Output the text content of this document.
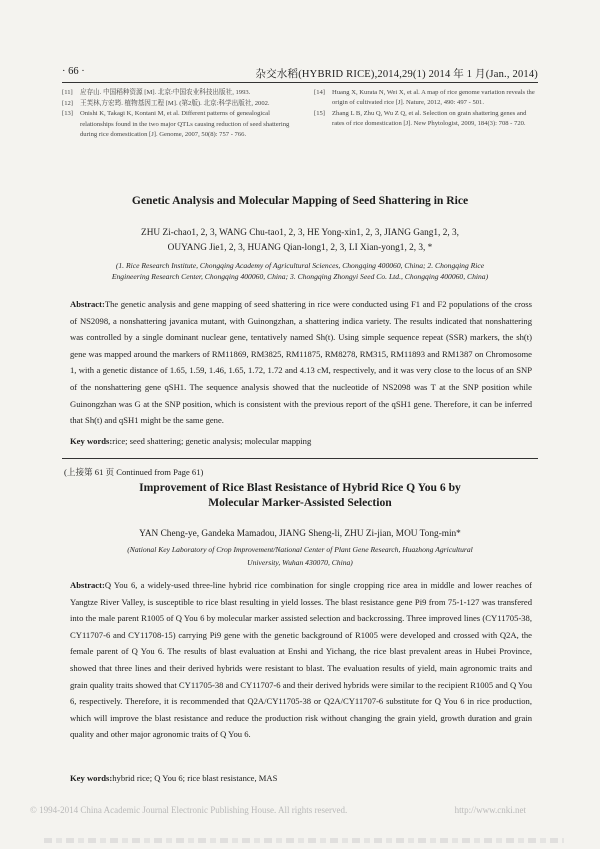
· 66 ·	杂交水稻(HYBRID RICE),2014,29(1) 2014 年 1 月(Jan., 2014)
[11]	应存山. 中国稻种资源 [M]. 北京:中国农业科技出版社, 1993.
[12]	王芙林,方宏筠. 植物基因工程 [M]. (第2版). 北京:科学出版社, 2002.
[13]	Onishi K, Takagi K, Kontani M, et al. Different patterns of genealogical relationships found in the two major QTLs causing reduction of seed shattering during rice domestication [J]. Genome, 2007, 50(8): 757 - 766.
[14]	Huang X, Kurata N, Wei X, et al. A map of rice genome variation reveals the origin of cultivated rice [J]. Nature, 2012, 490: 497 - 501.
[15]	Zhang L B, Zhu Q, Wu Z Q, et al. Selection on grain shattering genes and rates of rice domestication [J]. New Phytologist, 2009, 184(3): 708 - 720.
Genetic Analysis and Molecular Mapping of Seed Shattering in Rice
ZHU Zi-chao1, 2, 3, WANG Chu-tao1, 2, 3, HE Yong-xin1, 2, 3, JIANG Gang1, 2, 3,
OUYANG Jie1, 2, 3, HUANG Qian-long1, 2, 3, LI Xian-yong1, 2, 3, *
(1. Rice Research Institute, Chongqing Academy of Agricultural Sciences, Chongqing 400060, China; 2. Chongqing Rice
Engineering Research Center, Chongqing 400060, China; 3. Chongqing Zhongyi Seed Co. Ltd., Chongqing 400060, China)
Abstract:The genetic analysis and gene mapping of seed shattering in rice were conducted using F1 and F2 populations of the cross of NS2098, a nonshattering javanica mutant, with Guinongzhan, a shattering indica variety. The results indicated that nonshattering was controlled by a single dominant nuclear gene, tentatively named Sh(t). Using simple sequence repeat (SSR) markers, the sh(t) gene was mapped around the markers of RM11869, RM3825, RM11875, RM8278, RM315, RM11893 and RM1387 on Chromosome 1, with a genetic distance of 1.65, 1.59, 1.46, 1.65, 1.72, 1.72 and 4.13 cM, respectively, and it was very close to the locus of an SNP of the nonshattering gene qSH1. The sequence analysis showed that the nucleotide of NS2098 was T at the SNP position while Guinongzhan was G at the SNP position, which is consistent with the previous report of the qSH1 gene. Therefore, it can be inferred that Sh(t) and qSH1 might be the same gene.
Key words:rice; seed shattering; genetic analysis; molecular mapping
(上接第 61 页 Continued from Page 61)
Improvement of Rice Blast Resistance of Hybrid Rice Q You 6 by
Molecular Marker-Assisted Selection
YAN Cheng-ye, Gandeka Mamadou, JIANG Sheng-li, ZHU Zi-jian, MOU Tong-min*
(National Key Laboratory of Crop Improvement/National Center of Plant Gene Research, Huazhong Agricultural
University, Wuhan 430070, China)
Abstract:Q You 6, a widely-used three-line hybrid rice combination for single cropping rice area in middle and lower reaches of Yangtze River Valley, is susceptible to rice blast resulting in yield losses. The blast resistance gene Pi9 from 75-1-127 was transfered into the male parent R1005 of Q You 6 by molecular marker assisted selection and backcrossing. Three improved lines (CY11705-38, CY11707-6 and CY11708-15) carrying Pi9 gene with the genetic background of R1005 were developed and crossed with Q2A, the female parent of Q You 6. The results of blast evaluation at Enshi and Yichang, the rice blast prevalent areas in Hubei Province, showed that three lines and their derived hybrids were resistant to blast. The evaluation results of yield, main agronomic traits and grain quality traits showed that CY11705-38 and CY11707-6 and their derived hybrids were similar to the recipient R1005 and Q You 6, respectively. Therefore, it is recommended that Q2A/CY11705-38 or Q2A/CY11707-6 substitute for Q You 6 in rice production, which will improve the blast resistance and reduce the production risk without changing the grain yield, growth duration and grain quality and other major agronomic traits of Q You 6.
Key words:hybrid rice; Q You 6; rice blast resistance, MAS
© 1994-2014 China Academic Journal Electronic Publishing House. All rights reserved.	http://www.cnki.net
